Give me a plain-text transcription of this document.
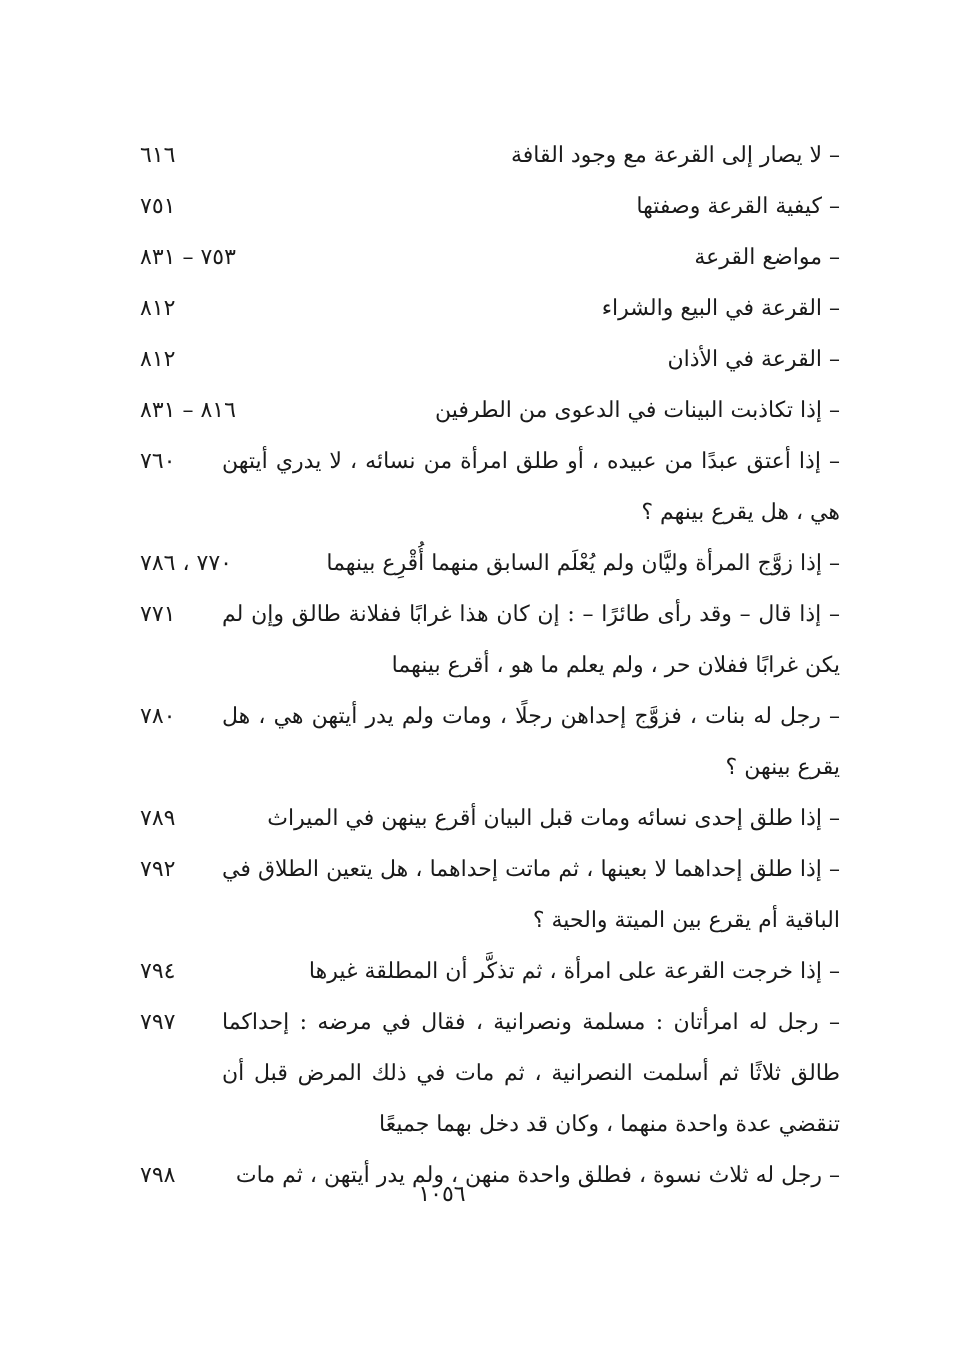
– لا يصار إلى القرعة مع وجود القافة
٦١٦
– كيفية القرعة وصفتها
٧٥١
– مواضع القرعة
٧٥٣ – ٨٣١
– القرعة في البيع والشراء
٨١٢
– القرعة في الأذان
٨١٢
– إذا تكاذبت البينات في الدعوى من الطرفين
٨١٦ – ٨٣١
– إذا أعتق عبدًا من عبيده ، أو طلق امرأة من نسائه ، لا يدري أيتهن هي ، هل يقرع بينهم ؟
٧٦٠
– إذا زوَّج المرأة وليَّان ولم يُعْلَم السابق منهما أُقْرِع بينهما
٧٧٠ ، ٧٨٦
– إذا قال – وقد رأى طائرًا – : إن كان هذا غرابًا ففلانة طالق وإن لم يكن غرابًا ففلان حر ، ولم يعلم ما هو ، أقرع بينهما
٧٧١
– رجل له بنات ، فزوَّج إحداهن رجلًا ، ومات ولم يدر أيتهن هي ، هل يقرع بينهن ؟
٧٨٠
– إذا طلق إحدى نسائه ومات قبل البيان أقرع بينهن في الميراث
٧٨٩
– إذا طلق إحداهما لا بعينها ، ثم ماتت إحداهما ، هل يتعين الطلاق في الباقية أم يقرع بين الميتة والحية ؟
٧٩٢
– إذا خرجت القرعة على امرأة ، ثم تذكَّر أن المطلقة غيرها
٧٩٤
– رجل له امرأتان : مسلمة ونصرانية ، فقال في مرضه : إحداكما طالق ثلاثًا ثم أسلمت النصرانية ، ثم مات في ذلك المرض قبل أن تنقضي عدة واحدة منهما ، وكان قد دخل بهما جميعًا
٧٩٧
– رجل له ثلاث نسوة ، فطلق واحدة منهن ، ولم يدر أيتهن ، ثم مات
٧٩٨
١٠٥٦
